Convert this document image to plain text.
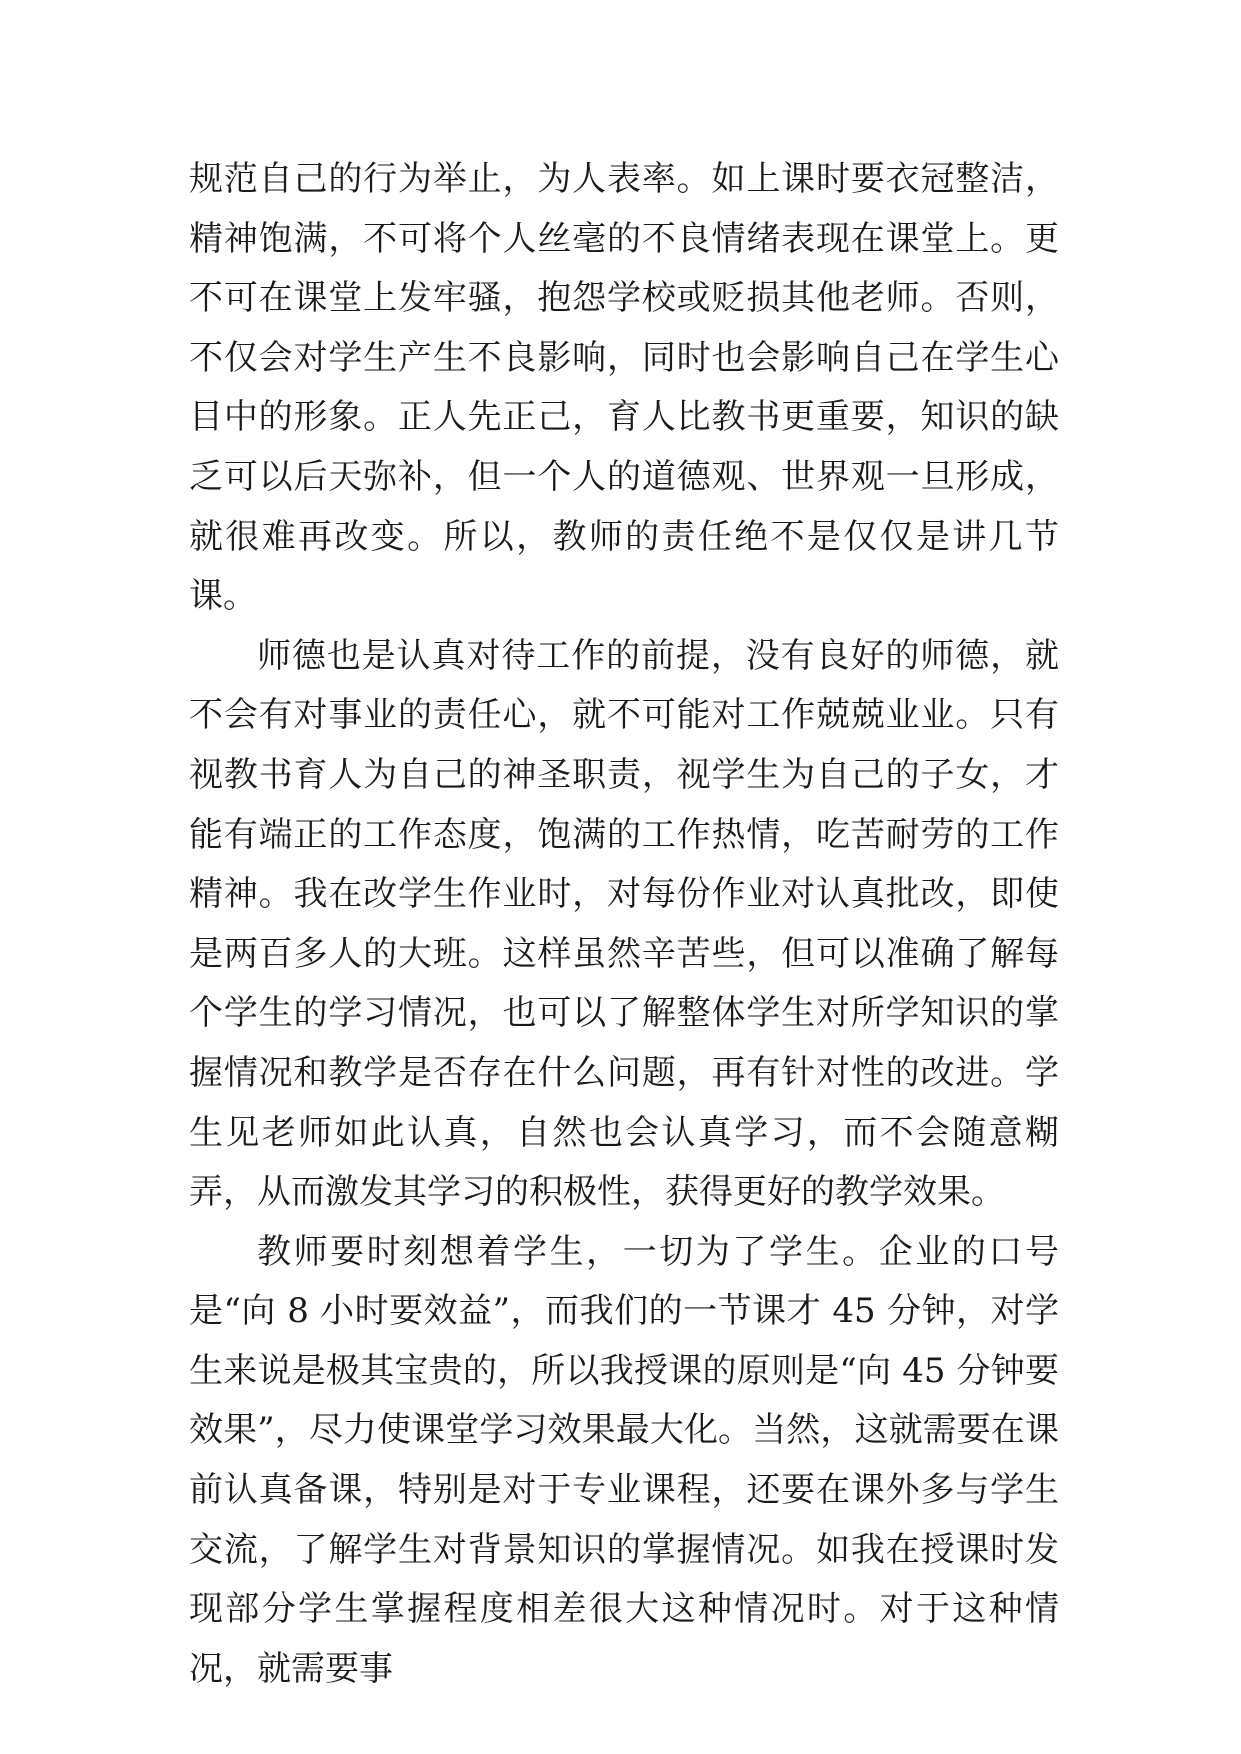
规范自己的行为举止，为人表率。如上课时要衣冠整洁，精神饱满，不可将个人丝毫的不良情绪表现在课堂上。更不可在课堂上发牢骚，抱怨学校或贬损其他老师。否则，不仅会对学生产生不良影响，同时也会影响自己在学生心目中的形象。正人先正己，育人比教书更重要，知识的缺乏可以后天弥补，但一个人的道德观、世界观一旦形成，就很难再改变。所以，教师的责任绝不是仅仅是讲几节课。

师德也是认真对待工作的前提，没有良好的师德，就不会有对事业的责任心，就不可能对工作兢兢业业。只有视教书育人为自己的神圣职责，视学生为自己的子女，才能有端正的工作态度，饱满的工作热情，吃苦耐劳的工作精神。我在改学生作业时，对每份作业对认真批改，即使是两百多人的大班。这样虽然辛苦些，但可以准确了解每个学生的学习情况，也可以了解整体学生对所学知识的掌握情况和教学是否存在什么问题，再有针对性的改进。学生见老师如此认真，自然也会认真学习，而不会随意糊弄，从而激发其学习的积极性，获得更好的教学效果。

教师要时刻想着学生，一切为了学生。企业的口号是“向 8 小时要效益”，而我们的一节课才 45 分钟，对学生来说是极其宝贵的，所以我授课的原则是“向 45 分钟要效果”，尽力使课堂学习效果最大化。当然，这就需要在课前认真备课，特别是对于专业课程，还要在课外多与学生交流，了解学生对背景知识的掌握情况。如我在授课时发现部分学生掌握程度相差很大这种情况时。对于这种情况，就需要事
